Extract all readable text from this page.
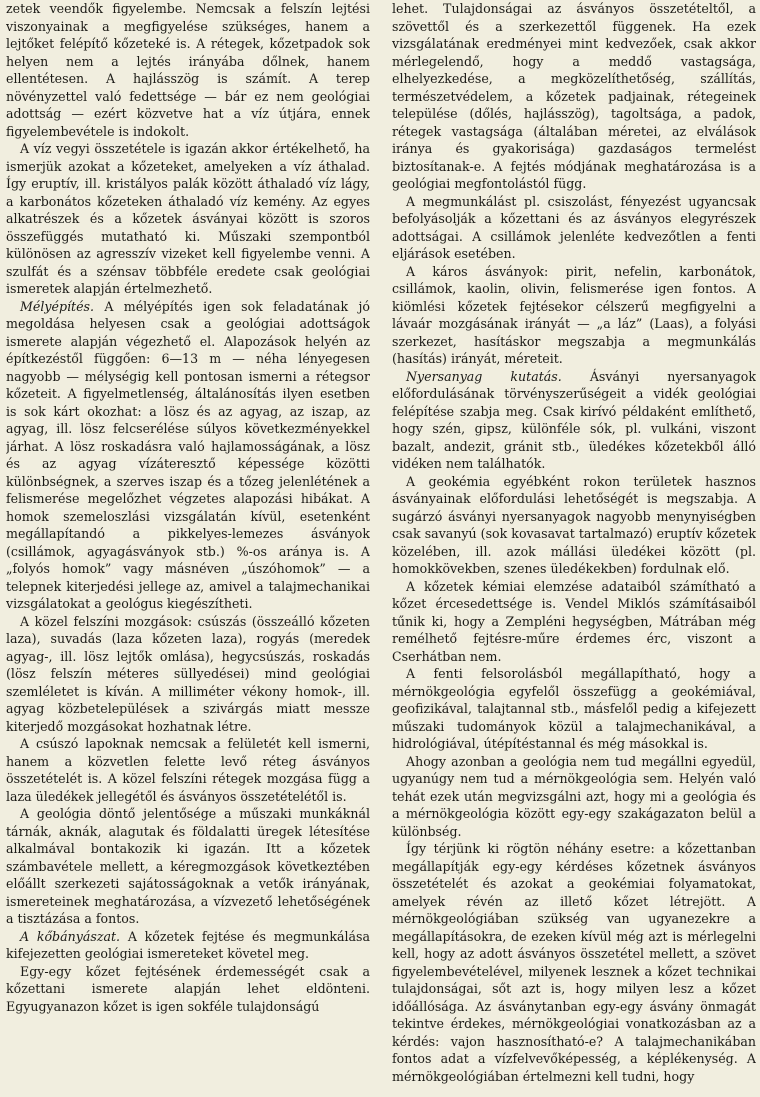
zetek veendők figyelembe. Nemcsak a felszín lejtési viszonyainak a megfigyelése szükséges, hanem a lejtőket felépítő kőzeteké is. A rétegek, kőzetpadok sok helyen nem a lejtés irányába dőlnek, hanem ellentétesen. A hajlásszög is számít. A terep növényzettel való fedettsége — bár ez nem geológiai adottság — ezért közvetve hat a víz útjára, ennek figyelembevétele is indokolt.

A víz vegyi összetétele is igazán akkor értékelhető, ha ismerjük azokat a kőzeteket, amelyeken a víz áthalad. Így eruptív, ill. kristályos palák között áthaladó víz lágy, a karbonátos kőzeteken áthaladó víz kemény. Az egyes alkatrészek és a kőzetek ásványai között is szoros összefüggés mutatható ki. Műszaki szempontból különösen az agresszív vizeket kell figyelembe venni. A szulfát és a szénsav többféle eredete csak geológiai ismeretek alapján értelmezhető.

Mélyépítés. A mélyépítés igen sok feladatának jó megoldása helyesen csak a geológiai adottságok ismerete alapján végezhető el. Alapozások helyén az építkezéstől függően: 6—13 m — néha lényegesen nagyobb — mélységig kell pontosan ismerni a rétegsor kőzeteit. A figyelmetlenség, általánosítás ilyen esetben is sok kárt okozhat: a lösz és az agyag, az iszap, az agyag, ill. lösz felcserélése súlyos következményekkel járhat. A lösz roskadásra való hajlamosságának, a lösz és az agyag vízáteresztő képessége közötti különbségnek, a szerves iszap és a tőzeg jelenlétének a felismerése megelőzhet végzetes alapozási hibákat. A homok szemeloszlási vizsgálatán kívül, esetenként megállapítandó a pikkelyes-lemezes ásványok (csillámok, agyagásványok stb.) %-os aránya is. A „folyós homok” vagy másnéven „úszóhomok” — a telepnek kiterjedési jellege az, amivel a talajmechanikai vizsgálatokat a geológus kiegészítheti.

A közel felszíni mozgások: csúszás (összeálló kőzeten laza), suvadás (laza kőzeten laza), rogyás (meredek agyag-, ill. lösz lejtők omlása), hegycsúszás, roskadás (lösz felszín méteres süllyedései) mind geológiai szemléletet is kíván. A milliméter vékony homok-, ill. agyag közbetelepülések a szivárgás miatt messze kiterjedő mozgásokat hozhatnak létre.

A csúszó lapoknak nemcsak a felületét kell ismerni, hanem a közvetlen felette levő réteg ásványos összetételét is. A közel felszíni rétegek mozgása függ a laza üledékek jellegétől és ásványos összetételétől is.

A geológia döntő jelentősége a műszaki munkáknál tárnák, aknák, alagutak és földalatti üregek létesítése alkalmával bontakozik ki igazán. Itt a kőzetek számbavétele mellett, a kéregmozgások következtében előállt szerkezeti sajátosságoknak a vetők irányának, ismereteinek meghatározása, a vízvezető lehetőségének a tisztázása a fontos.

A kőbányászat. A kőzetek fejtése és megmunkálása kifejezetten geológiai ismereteket követel meg.

Egy-egy kőzet fejtésének érdemességét csak a kőzettani ismerete alapján lehet eldönteni. Egyugyanazon kőzet is igen sokféle tulajdonságú

lehet. Tulajdonságai az ásványos összetételtől, a szövettől és a szerkezettől függenek. Ha ezek vizsgálatának eredményei mint kedvezőek, csak akkor mérlegelendő, hogy a meddő vastagsága, elhelyezkedése, a megközelíthetőség, szállítás, természetvédelem, a kőzetek padjainak, rétegeinek települése (dőlés, hajlásszög), tagoltsága, a padok, rétegek vastagsága (általában méretei, az elválások iránya és gyakorisága) gazdaságos termelést biztosítanak-e. A fejtés módjának meghatározása is a geológiai megfontolástól függ.

A megmunkálást pl. csiszolást, fényezést ugyancsak befolyásolják a kőzettani és az ásványos elegyrészek adottságai. A csillámok jelenléte kedvezőtlen a fenti eljárások esetében.

A káros ásványok: pirit, nefelin, karbonátok, csillámok, kaolin, olivin, felismerése igen fontos. A kiömlési kőzetek fejtésekor célszerű megfigyelni a lávaár mozgásának irányát — „a láz” (Laas), a folyási szerkezet, hasításkor megszabja a megmunkálás (hasítás) irányát, méreteit.

Nyersanyag kutatás. Ásványi nyersanyagok előfordulásának törvényszerűségeit a vidék geológiai felépítése szabja meg. Csak kirívó példaként említhető, hogy szén, gipsz, különféle sók, pl. vulkáni, viszont bazalt, andezit, gránit stb., üledékes kőzetekből álló vidéken nem találhatók.

A geokémia egyébként rokon területek hasznos ásványainak előfordulási lehetőségét is megszabja. A sugárzó ásványi nyersanyagok nagyobb menynyiségben csak savanyú (sok kovasavat tartalmazó) eruptív kőzetek közelében, ill. azok mállási üledékei között (pl. homokkövekben, szenes üledékekben) fordulnak elő.

A kőzetek kémiai elemzése adataiból számítható a kőzet ércesedettsége is. Vendel Miklós számításaiból tűnik ki, hogy a Zempléni hegységben, Mátrában még remélhető fejtésre-műre érdemes érc, viszont a Cserhátban nem.

A fenti felsorolásból megállapítható, hogy a mérnökgeológia egyfelől összefügg a geokémiával, geofizikával, talajtannal stb., másfelől pedig a kifejezett műszaki tudományok közül a talajmechanikával, a hidrológiával, útépítéstannal és még másokkal is.

Ahogy azonban a geológia nem tud megállni egyedül, ugyanúgy nem tud a mérnökgeológia sem. Helyén való tehát ezek után megvizsgálni azt, hogy mi a geológia és a mérnökgeológia között egy-egy szakágazaton belül a különbség.

Így térjünk ki rögtön néhány esetre: a kőzettanban megállapítják egy-egy kérdéses kőzetnek ásványos összetételét és azokat a geokémiai folyamatokat, amelyek révén az illető kőzet létrejött. A mérnökgeológiában szükség van ugyanezekre a megállapításokra, de ezeken kívül még azt is mérlegelni kell, hogy az adott ásványos összetétel mellett, a szövet figyelembevételével, milyenek lesznek a kőzet technikai tulajdonságai, sőt azt is, hogy milyen lesz a kőzet időállósága. Az ásványtanban egy-egy ásvány önmagát tekintve érdekes, mérnökgeológiai vonatkozásban az a kérdés: vajon hasznosítható-e? A talajmechanikában fontos adat a vízfelvevőképesség, a képlékenység. A mérnökgeológiában értelmezni kell tudni, hogy
